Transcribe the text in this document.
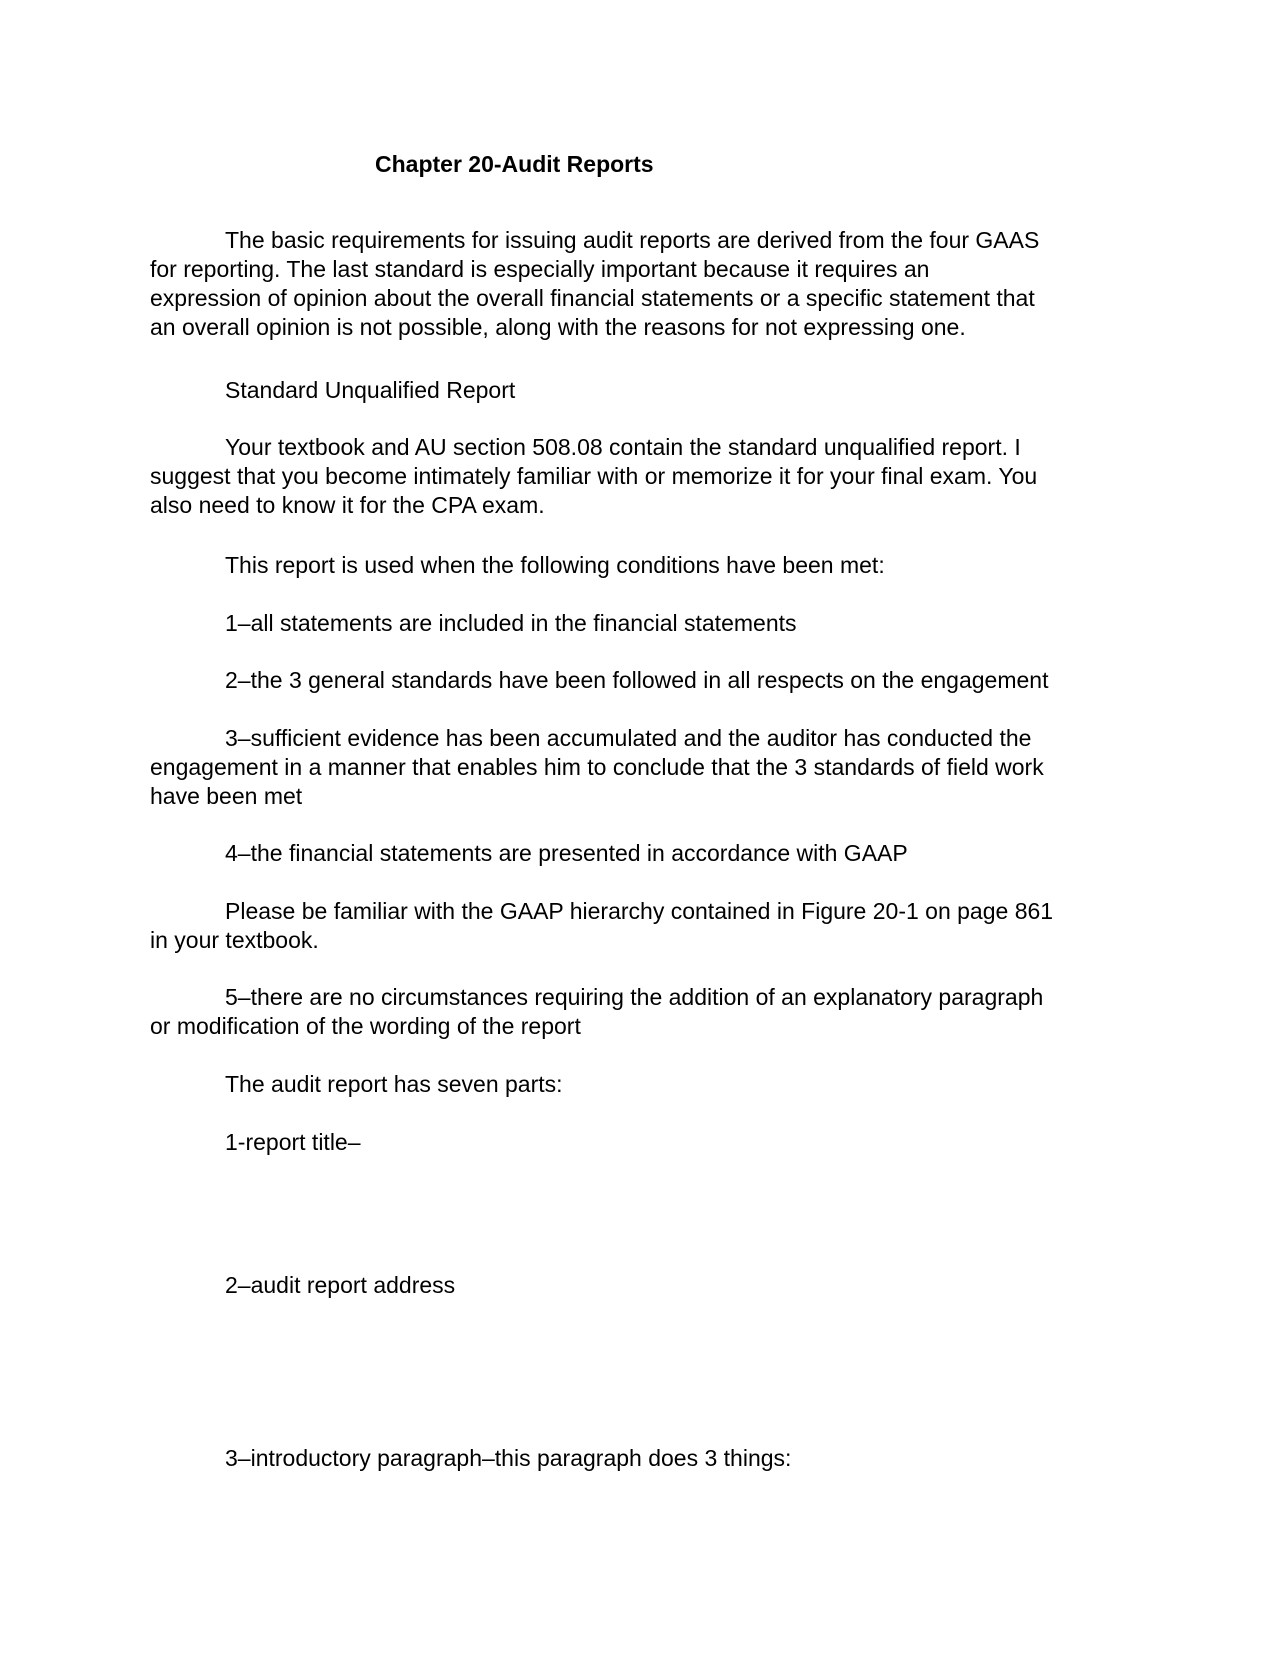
Chapter 20-Audit Reports

The basic requirements for issuing audit reports are derived from the four GAAS
for reporting. The last standard is especially important because it requires an
expression of opinion about the overall financial statements or a specific statement that
an overall opinion is not possible, along with the reasons for not expressing one.

Standard Unqualified Report

Your textbook and AU section 508.08 contain the standard unqualified report. I
suggest that you become intimately familiar with or memorize it for your final exam. You
also need to know it for the CPA exam.

This report is used when the following conditions have been met:

1–all statements are included in the financial statements

2–the 3 general standards have been followed in all respects on the engagement

3–sufficient evidence has been accumulated and the auditor has conducted the
engagement in a manner that enables him to conclude that the 3 standards of field work
have been met

4–the financial statements are presented in accordance with GAAP

Please be familiar with the GAAP hierarchy contained in Figure 20-1 on page 861
in your textbook.

5–there are no circumstances requiring the addition of an explanatory paragraph
or modification of the wording of the report

The audit report has seven parts:

1-report title–

2–audit report address

3–introductory paragraph–this paragraph does 3 things:
